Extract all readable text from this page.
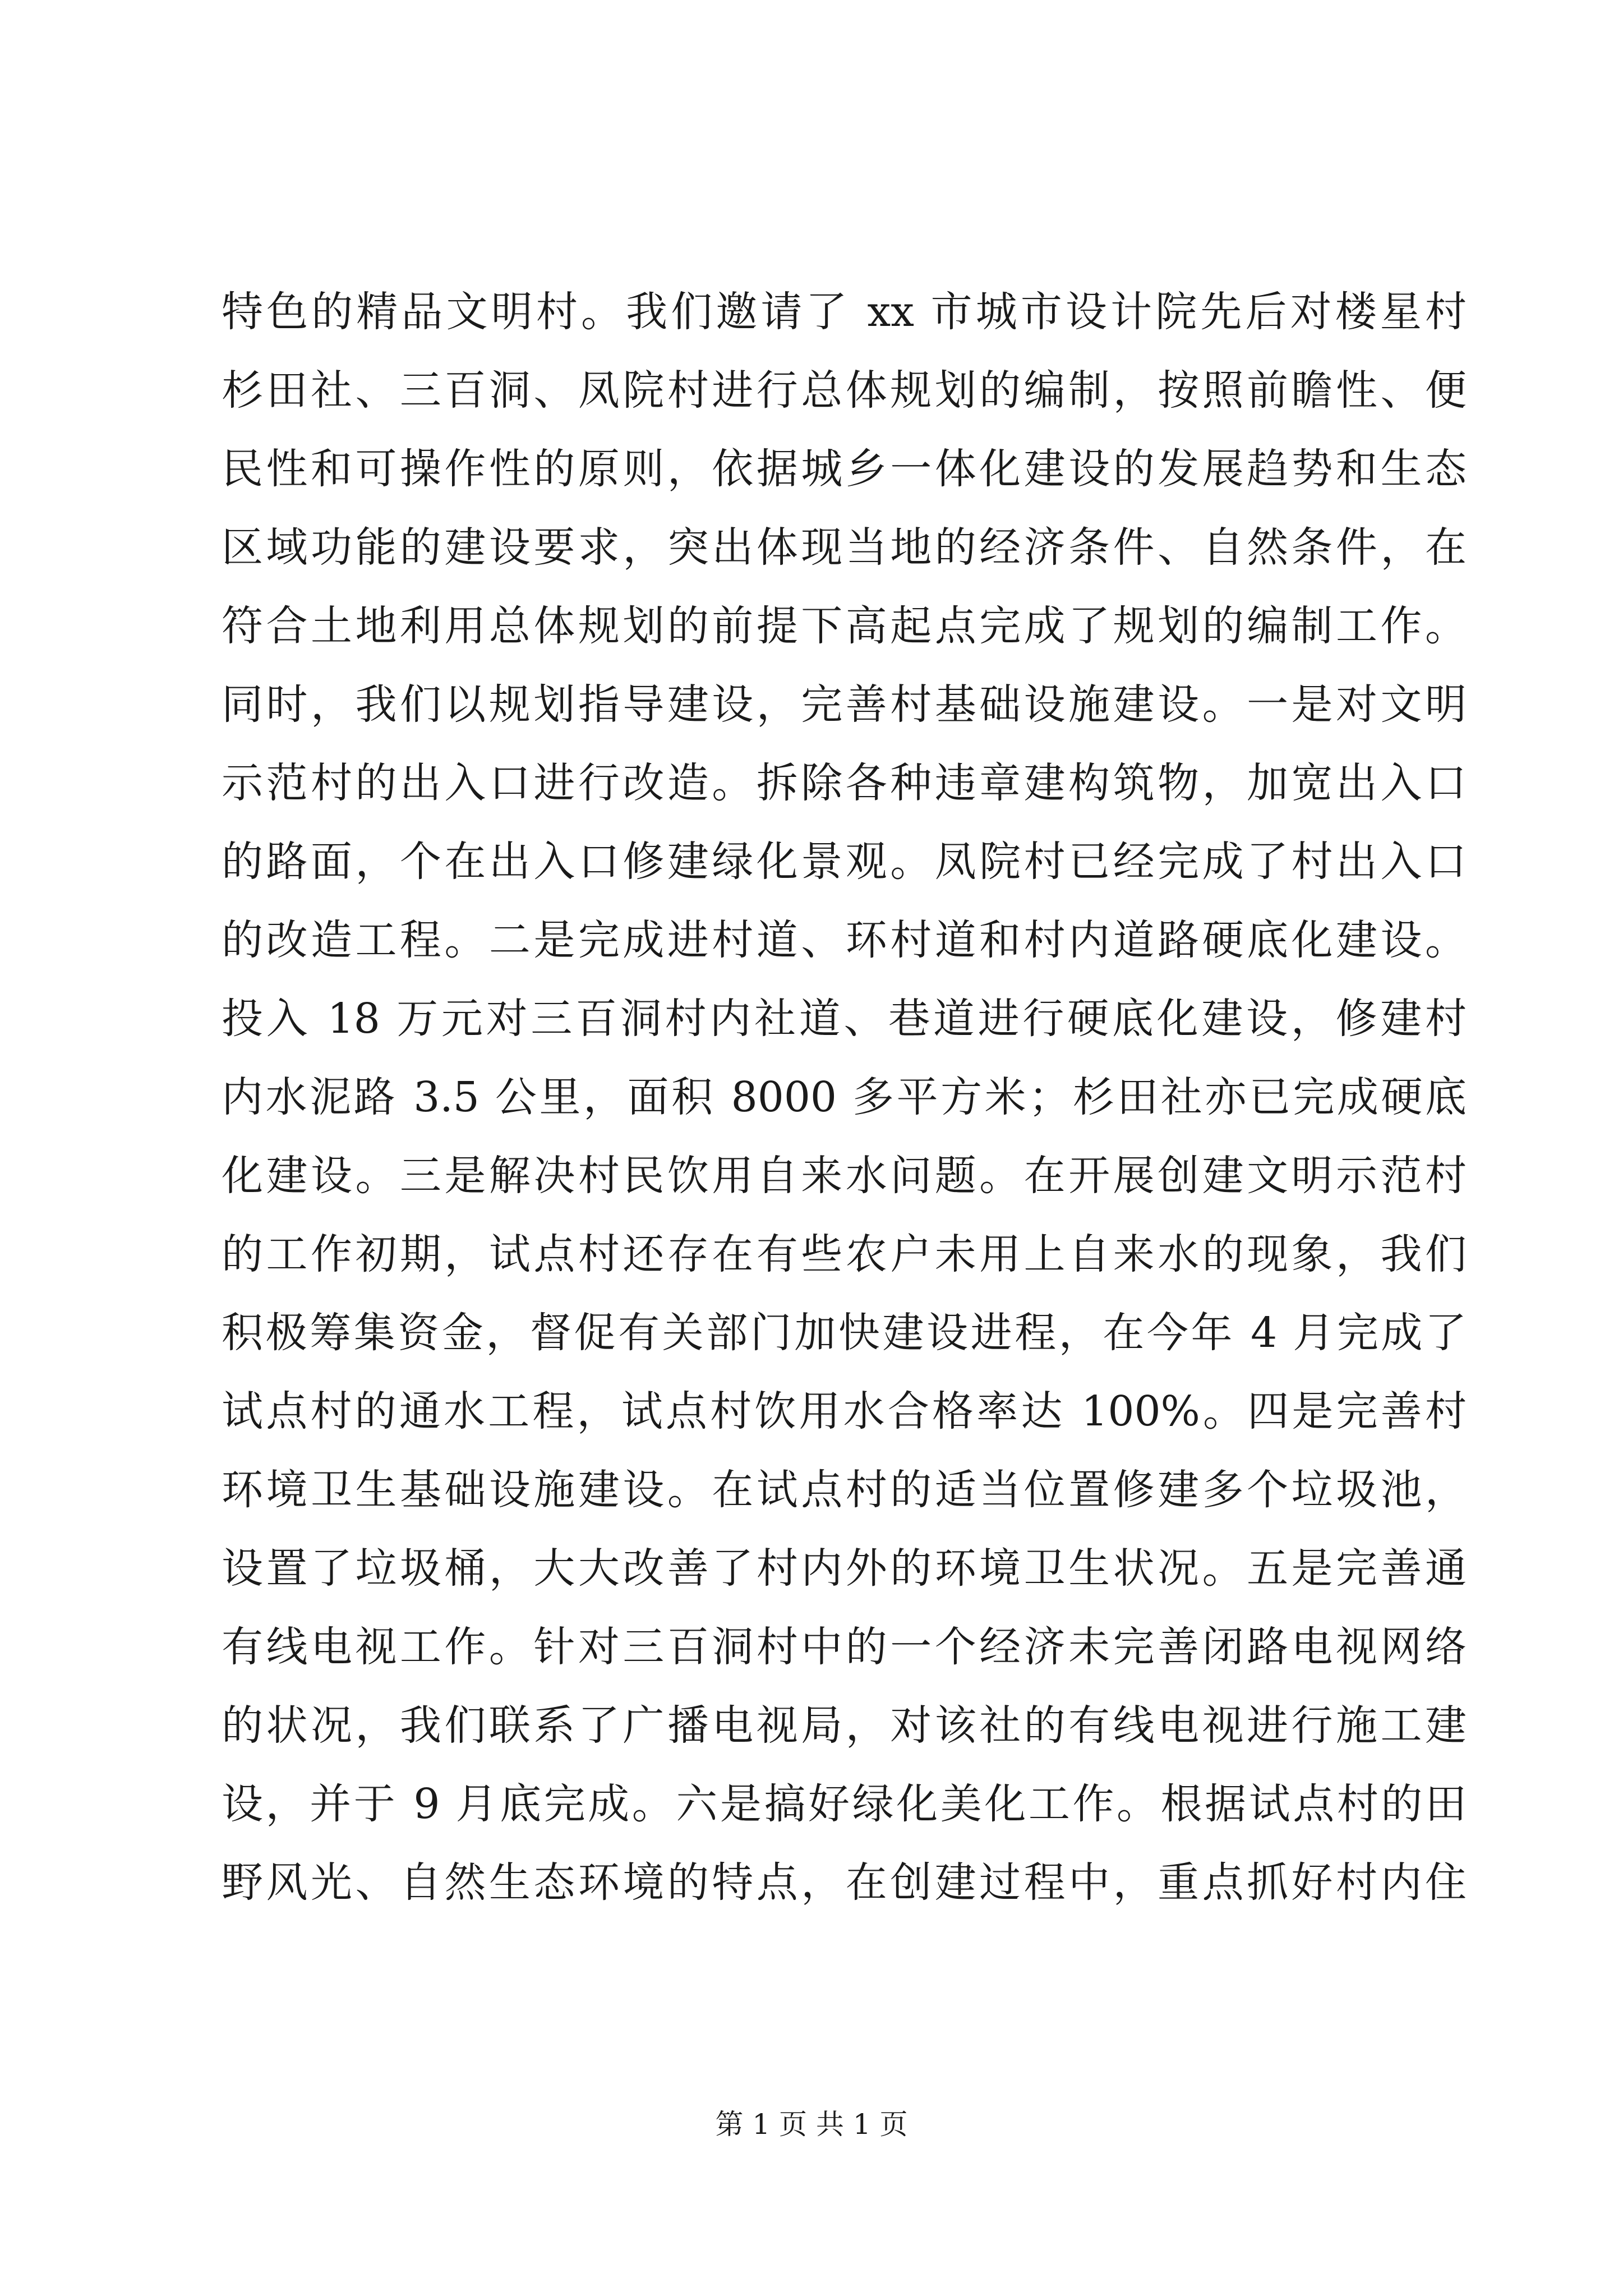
特色的精品文明村。我们邀请了 xx 市城市设计院先后对楼星村
杉田社、三百洞、凤院村进行总体规划的编制，按照前瞻性、便
民性和可操作性的原则，依据城乡一体化建设的发展趋势和生态
区域功能的建设要求，突出体现当地的经济条件、自然条件，在
符合土地利用总体规划的前提下高起点完成了规划的编制工作。
同时，我们以规划指导建设，完善村基础设施建设。一是对文明
示范村的出入口进行改造。拆除各种违章建构筑物，加宽出入口
的路面，个在出入口修建绿化景观。凤院村已经完成了村出入口
的改造工程。二是完成进村道、环村道和村内道路硬底化建设。
投入 18 万元对三百洞村内社道、巷道进行硬底化建设，修建村
内水泥路 3.5 公里，面积 8000 多平方米；杉田社亦已完成硬底
化建设。三是解决村民饮用自来水问题。在开展创建文明示范村
的工作初期，试点村还存在有些农户未用上自来水的现象，我们
积极筹集资金，督促有关部门加快建设进程，在今年 4 月完成了
试点村的通水工程，试点村饮用水合格率达 100%。四是完善村
环境卫生基础设施建设。在试点村的适当位置修建多个垃圾池，
设置了垃圾桶，大大改善了村内外的环境卫生状况。五是完善通
有线电视工作。针对三百洞村中的一个经济未完善闭路电视网络
的状况，我们联系了广播电视局，对该社的有线电视进行施工建
设，并于 9 月底完成。六是搞好绿化美化工作。根据试点村的田
野风光、自然生态环境的特点，在创建过程中，重点抓好村内住
第 1 页 共 1 页
